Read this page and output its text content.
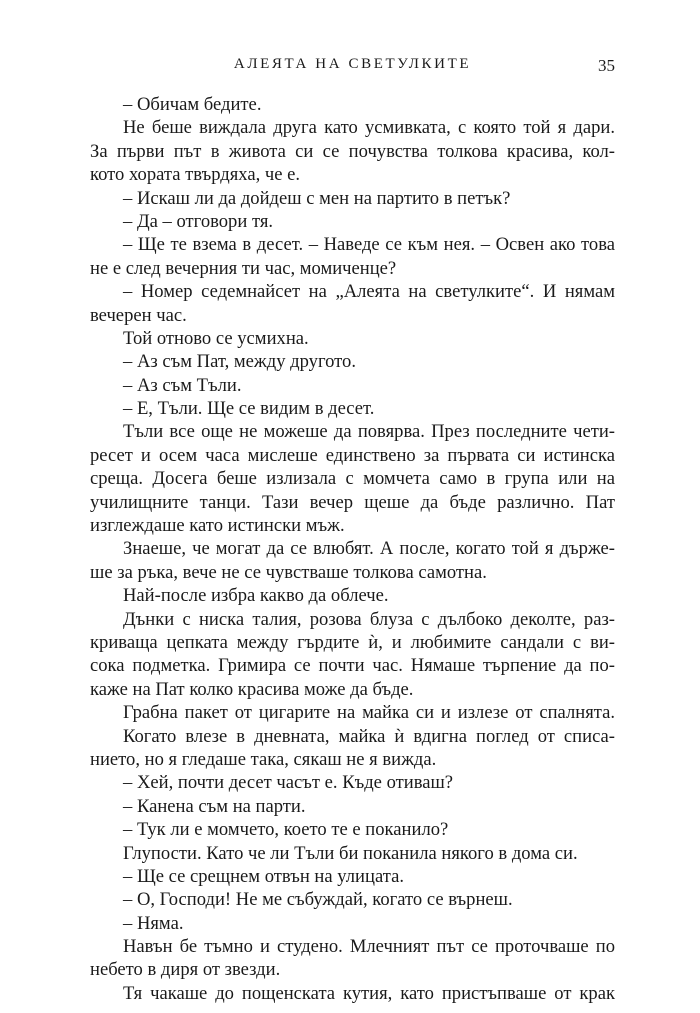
АЛЕЯТА НА СВЕТУЛКИТЕ	35
– Обичам бедите.
Не беше виждала друга като усмивката, с която той я дари.
За първи път в живота си се почувства толкова красива, кол-
кото хората твърдяха, че е.
– Искаш ли да дойдеш с мен на партито в петък?
– Да – отговори тя.
– Ще те взема в десет. – Наведе се към нея. – Освен ако това
не е след вечерния ти час, момиченце?
– Номер седемнайсет на „Алеята на светулките“. И нямам
вечерен час.
Той отново се усмихна.
– Аз съм Пат, между другото.
– Аз съм Тъли.
– Е, Тъли. Ще се видим в десет.
Тъли все още не можеше да повярва. През последните чети-
ресет и осем часа мислеше единствено за първата си истинска
среща. Досега беше излизала с момчета само в група или на
училищните танци. Тази вечер щеше да бъде различно. Пат
изглеждаше като истински мъж.
Знаеше, че могат да се влюбят. А после, когато той я държе-
ше за ръка, вече не се чувстваше толкова самотна.
Най-после избра какво да облече.
Дънки с ниска талия, розова блуза с дълбоко деколте, раз-
криваща цепката между гърдите ѝ, и любимите сандали с ви-
сока подметка. Гримира се почти час. Нямаше търпение да по-
каже на Пат колко красива може да бъде.
Грабна пакет от цигарите на майка си и излезе от спалнята.
Когато влезе в дневната, майка ѝ вдигна поглед от списа-
нието, но я гледаше така, сякаш не я вижда.
– Хей, почти десет часът е. Къде отиваш?
– Канена съм на парти.
– Тук ли е момчето, което те е поканило?
Глупости. Като че ли Тъли би поканила някого в дома си.
– Ще се срещнем отвън на улицата.
– О, Господи! Не ме събуждай, когато се върнеш.
– Няма.
Навън бе тъмно и студено. Млечният път се проточваше по
небето в диря от звезди.
Тя чакаше до пощенската кутия, като пристъпваше от крак
